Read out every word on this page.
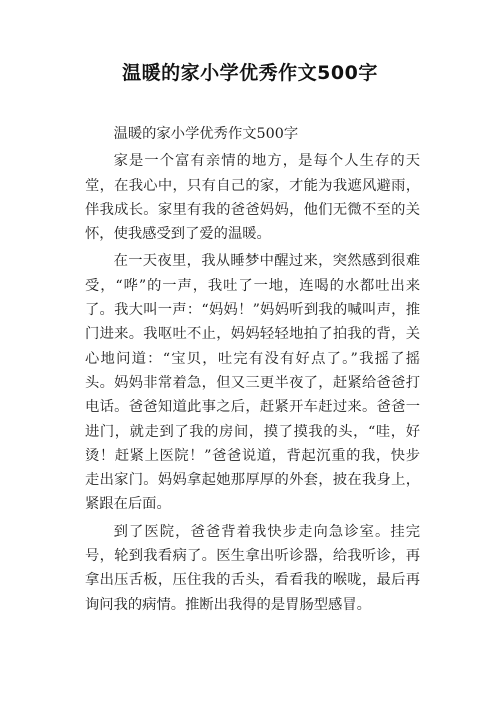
温暖的家小学优秀作文500字

温暖的家小学优秀作文500字

家是一个富有亲情的地方，是每个人生存的天堂，在我心中，只有自己的家，才能为我遮风避雨，伴我成长。家里有我的爸爸妈妈，他们无微不至的关怀，使我感受到了爱的温暖。

在一天夜里，我从睡梦中醒过来，突然感到很难受，“哗”的一声，我吐了一地，连喝的水都吐出来了。我大叫一声：“妈妈！”妈妈听到我的喊叫声，推门进来。我呕吐不止，妈妈轻轻地拍了拍我的背，关心地问道：“宝贝，吐完有没有好点了。”我摇了摇头。妈妈非常着急，但又三更半夜了，赶紧给爸爸打电话。爸爸知道此事之后，赶紧开车赶过来。爸爸一进门，就走到了我的房间，摸了摸我的头，“哇，好烫！赶紧上医院！”爸爸说道，背起沉重的我，快步走出家门。妈妈拿起她那厚厚的外套，披在我身上，紧跟在后面。

到了医院，爸爸背着我快步走向急诊室。挂完号，轮到我看病了。医生拿出听诊器，给我听诊，再拿出压舌板，压住我的舌头，看看我的喉咙，最后再询问我的病情。推断出我得的是胃肠型感冒。
